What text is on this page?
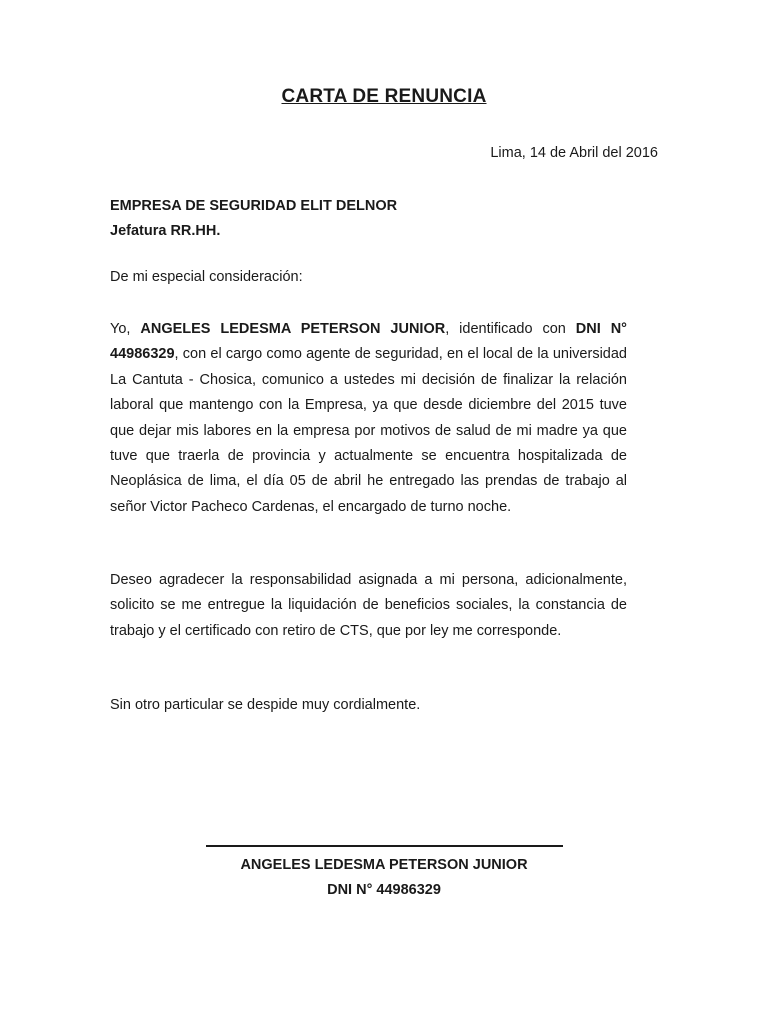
CARTA DE RENUNCIA
Lima, 14 de Abril del 2016
EMPRESA DE SEGURIDAD ELIT DELNOR
Jefatura RR.HH.
De mi especial consideración:
Yo, ANGELES LEDESMA PETERSON JUNIOR, identificado con DNI N° 44986329, con el cargo como agente de seguridad, en el local de la universidad La Cantuta - Chosica, comunico a ustedes mi decisión de finalizar la relación laboral que mantengo con la Empresa, ya que desde diciembre del 2015 tuve que dejar mis labores en la empresa por motivos de salud de mi madre ya que tuve que traerla de provincia y actualmente se encuentra hospitalizada de Neoplásica de lima, el día 05 de abril he entregado las prendas de trabajo al señor Victor Pacheco Cardenas, el encargado de turno noche.
Deseo agradecer la responsabilidad asignada a mi persona, adicionalmente, solicito se me entregue la liquidación de beneficios sociales, la constancia de trabajo y el certificado con retiro de CTS, que por ley me corresponde.
Sin otro particular se despide muy cordialmente.
ANGELES LEDESMA PETERSON JUNIOR
DNI N° 44986329
